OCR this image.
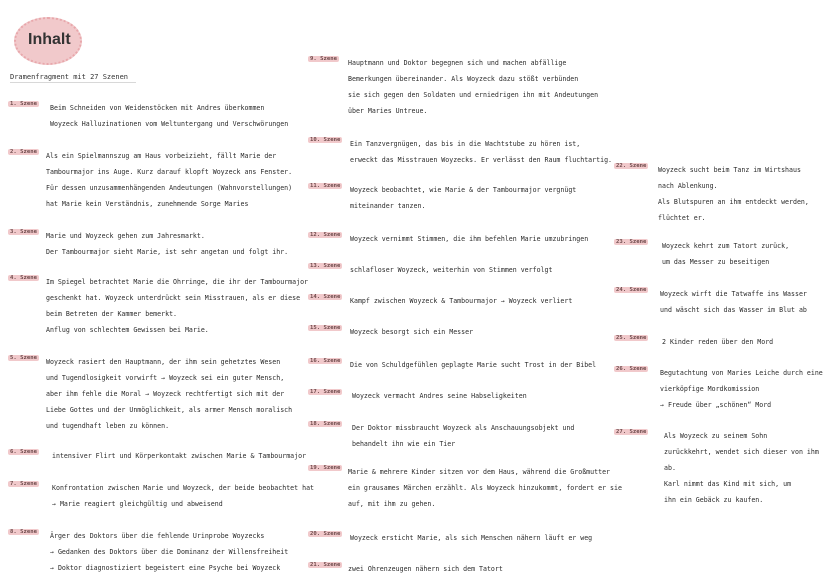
Inhalt
Dramenfragment mit 27 Szenen
1. Szene	Beim Schneiden von Weidenstöcken mit Andres überkommen
Woyzeck Halluzinationen vom Weltuntergang und Verschwörungen
2. Szene	Als ein Spielmannszug am Haus vorbeizieht, fällt Marie der
Tambourmajor ins Auge. Kurz darauf klopft Woyzeck ans Fenster.
Für dessen unzusammenhängenden Andeutungen (Wahnvorstellungen)
hat Marie kein Verständnis, zunehmende Sorge Maries
3. Szene	Marie und Woyzeck gehen zum Jahresmarkt.
Der Tambourmajor sieht Marie, ist sehr angetan und folgt ihr.
4. Szene	Im Spiegel betrachtet Marie die Ohrringe, die ihr der Tambourmajor
geschenkt hat. Woyzeck unterdrückt sein Misstrauen, als er diese
beim Betreten der Kammer bemerkt.
Anflug von schlechtem Gewissen bei Marie.
5. Szene	Woyzeck rasiert den Hauptmann, der ihm sein gehetztes Wesen
und Tugendlosigkeit vorwirft → Woyzeck sei ein guter Mensch,
aber ihm fehle die Moral → Woyzeck rechtfertigt sich mit der
Liebe Gottes und der Unmöglichkeit, als armer Mensch moralisch
und tugendhaft leben zu können.
6. Szene	intensiver Flirt und Körperkontakt zwischen Marie & Tambourmajor
7. Szene	Konfrontation zwischen Marie und Woyzeck, der beide beobachtet hat
→ Marie reagiert gleichgültig und abweisend
8. Szene	Ärger des Doktors über die fehlende Urinprobe Woyzecks
→ Gedanken des Doktors über die Dominanz der Willensfreiheit
→ Doktor diagnostiziert begeistert eine Psyche bei Woyzeck
9. Szene	Hauptmann und Doktor begegnen sich und machen abfällige
Bemerkungen übereinander. Als Woyzeck dazu stößt verbünden
sie sich gegen den Soldaten und erniedrigen ihn mit Andeutungen
über Maries Untreue.
10. Szene	Ein Tanzvergnügen, das bis in die Wachtstube zu hören ist,
erweckt das Misstrauen Woyzecks. Er verlässt den Raum fluchtartig.
11. Szene	Woyzeck beobachtet, wie Marie & der Tambourmajor vergnügt
miteinander tanzen.
12. Szene	Woyzeck vernimmt Stimmen, die ihm befehlen Marie umzubringen
13. Szene	schlafloser Woyzeck, weiterhin von Stimmen verfolgt
14. Szene	Kampf zwischen Woyzeck & Tambourmajor → Woyzeck verliert
15. Szene	Woyzeck besorgt sich ein Messer
16. Szene	Die von Schuldgefühlen geplagte Marie sucht Trost in der Bibel
17. Szene	Woyzeck vermacht Andres seine Habseligkeiten
18. Szene	Der Doktor missbraucht Woyzeck als Anschauungsobjekt und
behandelt ihn wie ein Tier
19. Szene	Marie & mehrere Kinder sitzen vor dem Haus, während die Großmutter
ein grausames Märchen erzählt. Als Woyzeck hinzukommt, fordert er sie
auf, mit ihm zu gehen.
20. Szene	Woyzeck ersticht Marie, als sich Menschen nähern läuft er weg
21. Szene	zwei Ohrenzeugen nähern sich dem Tatort
22. Szene	Woyzeck sucht beim Tanz im Wirtshaus
nach Ablenkung.
Als Blutspuren an ihm entdeckt werden,
flüchtet er.
23. Szene	Woyzeck kehrt zum Tatort zurück,
um das Messer zu beseitigen
24. Szene	Woyzeck wirft die Tatwaffe ins Wasser
und wäscht sich das Wasser im Blut ab
25. Szene	2 Kinder reden über den Mord
26. Szene	Begutachtung von Maries Leiche durch eine
vierköpfige Mordkomission
→ Freude über „schönen“ Mord
27. Szene	Als Woyzeck zu seinem Sohn
zurückkehrt, wendet sich dieser von ihm
ab.
Karl nimmt das Kind mit sich, um
ihn ein Gebäck zu kaufen.
